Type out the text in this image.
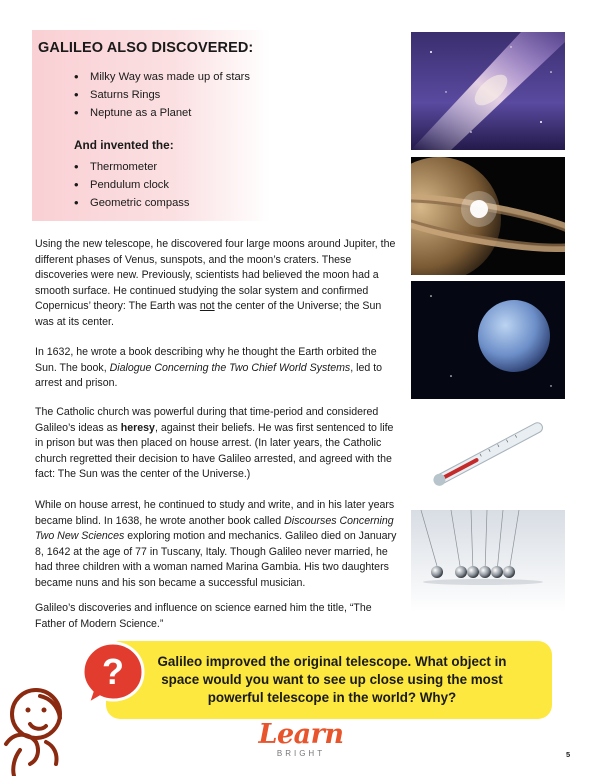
GALILEO ALSO DISCOVERED:
• Milky Way was made up of stars
• Saturns Rings
• Neptune as a Planet
And invented the:
• Thermometer
• Pendulum clock
• Geometric compass

Using the new telescope, he discovered four large moons around Jupiter, the different phases of Venus, sunspots, and the moon’s craters. These discoveries were new. Previously, scientists had believed the moon had a smooth surface. He continued studying the solar system and confirmed Copernicus’ theory: The Earth was not the center of the Universe; the Sun was at its center.

In 1632, he wrote a book describing why he thought the Earth orbited the Sun. The book, Dialogue Concerning the Two Chief World Systems, led to arrest and prison.

The Catholic church was powerful during that time-period and considered Galileo’s ideas as heresy, against their beliefs. He was first sentenced to life in prison but was then placed on house arrest. (In later years, the Catholic church regretted their decision to have Galileo arrested, and agreed with the fact: The Sun was the center of the Universe.)

While on house arrest, he continued to study and write, and in his later years became blind. In 1638, he wrote another book called Discourses Concerning Two New Sciences exploring motion and mechanics. Galileo died on January 8, 1642 at the age of 77 in Tuscany, Italy. Though Galileo never married, he had three children with a woman named Marina Gambia. His two daughters became nuns and his son became a successful musician.

Galileo’s discoveries and influence on science earned him the title, “The Father of Modern Science.”

Galileo improved the original telescope. What object in space would you want to see up close using the most powerful telescope in the world? Why?

?
Learn
BRIGHT	5
